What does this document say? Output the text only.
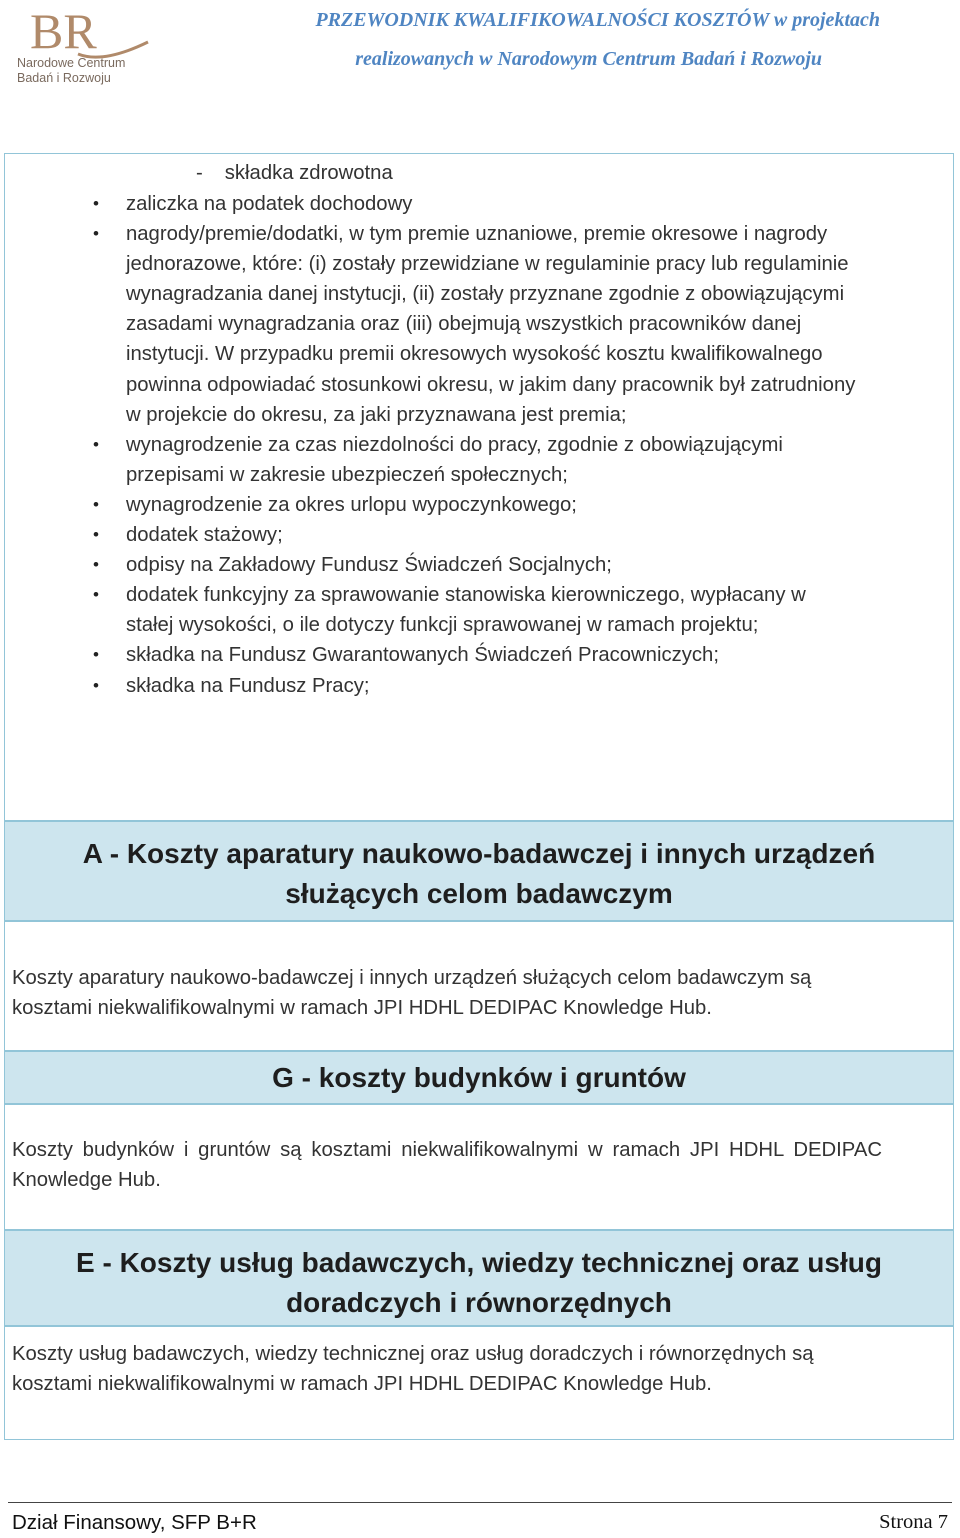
BR
Narodowe Centrum
Badań i Rozwoju
PRZEWODNIK KWALIFIKOWALNOŚCI KOSZTÓW w projektach
realizowanych w Narodowym Centrum Badań i Rozwoju
- składka zdrowotna
• zaliczka na podatek dochodowy
• nagrody/premie/dodatki, w tym premie uznaniowe, premie okresowe i nagrody jednorazowe, które: (i) zostały przewidziane w regulaminie pracy lub regulaminie wynagradzania danej instytucji, (ii) zostały przyznane zgodnie z obowiązującymi zasadami wynagradzania oraz (iii) obejmują wszystkich pracowników danej instytucji. W przypadku premii okresowych wysokość kosztu kwalifikowalnego powinna odpowiadać stosunkowi okresu, w jakim dany pracownik był zatrudniony w projekcie do okresu, za jaki przyznawana jest premia;
• wynagrodzenie za czas niezdolności do pracy, zgodnie z obowiązującymi przepisami w zakresie ubezpieczeń społecznych;
• wynagrodzenie za okres urlopu wypoczynkowego;
• dodatek stażowy;
• odpisy na Zakładowy Fundusz Świadczeń Socjalnych;
• dodatek funkcyjny za sprawowanie stanowiska kierowniczego, wypłacany w stałej wysokości, o ile dotyczy funkcji sprawowanej w ramach projektu;
• składka na Fundusz Gwarantowanych Świadczeń Pracowniczych;
• składka na Fundusz Pracy;
A - Koszty aparatury naukowo-badawczej i innych urządzeń
służących celom badawczym
Koszty aparatury naukowo-badawczej i innych urządzeń służących celom badawczym są kosztami niekwalifikowalnymi w ramach JPI HDHL DEDIPAC Knowledge Hub.
G - koszty budynków i gruntów
Koszty budynków i gruntów są kosztami niekwalifikowalnymi w ramach JPI HDHL DEDIPAC Knowledge Hub.
E - Koszty usług badawczych, wiedzy technicznej oraz usług
doradczych i równorzędnych
Koszty usług badawczych, wiedzy technicznej oraz usług doradczych i równorzędnych są kosztami niekwalifikowalnymi w ramach JPI HDHL DEDIPAC Knowledge Hub.
Dział Finansowy, SFP B+R	Strona 7
